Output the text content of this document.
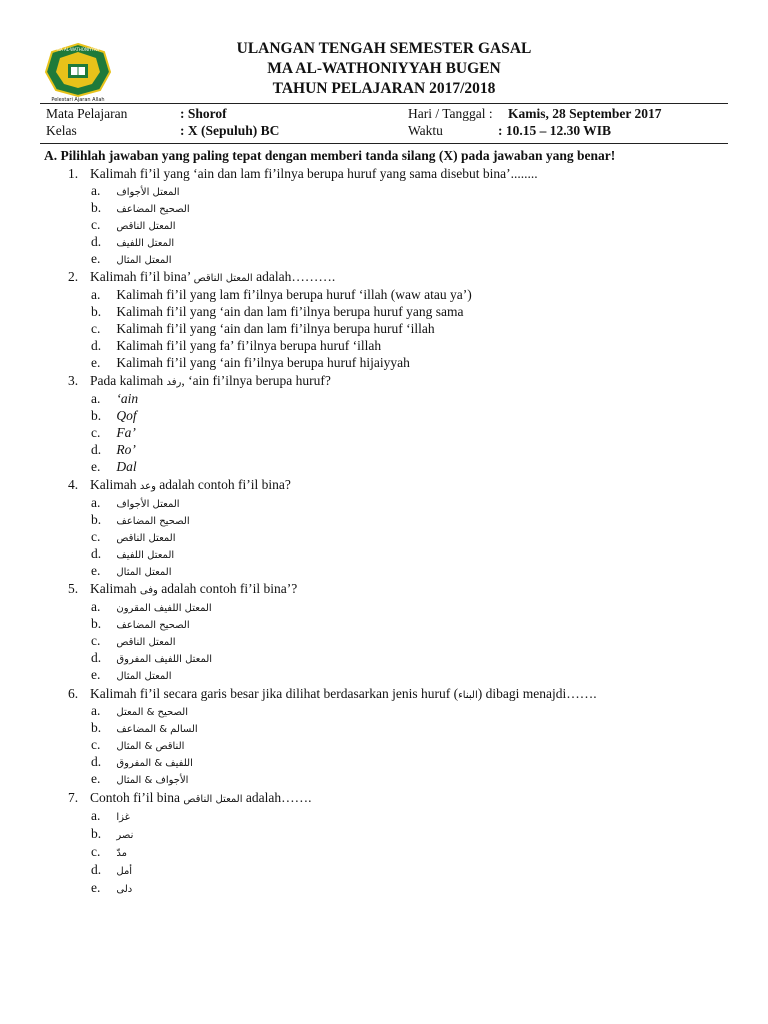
MA AL-WATHONIYYAH
Pelestari Ajaran Allah
ULANGAN TENGAH SEMESTER GASAL
MA AL-WATHONIYYAH BUGEN
TAHUN PELAJARAN 2017/2018
Mata Pelajaran	: Shorof	Hari / Tanggal : Kamis, 28 September 2017
Kelas	: X (Sepuluh) BC	Waktu	: 10.15 – 12.30 WIB
A. Pilihlah jawaban yang paling tepat dengan memberi tanda silang (X) pada jawaban yang benar!
1. Kalimah fi’il yang ‘ain dan lam fi’ilnya berupa huruf yang sama disebut bina’........
a. المعتل الأجواف
b. الصحيح المضاعف
c. المعتل الناقص
d. المعتل اللفيف
e. المعتل المثال
2. Kalimah fi’il bina’ المعتل الناقص adalah……….
a. Kalimah fi’il yang lam fi’ilnya berupa huruf ‘illah (waw atau ya’)
b. Kalimah fi’il yang ‘ain dan lam fi’ilnya berupa huruf yang sama
c. Kalimah fi’il yang ‘ain dan lam fi’ilnya berupa huruf ‘illah
d. Kalimah fi’il yang fa’ fi’ilnya berupa huruf ‘illah
e. Kalimah fi’il yang ‘ain fi’ilnya berupa huruf hijaiyyah
3. Pada kalimah رفد, ‘ain fi’ilnya berupa huruf?
a. ‘ain
b. Qof
c. Fa’
d. Ro’
e. Dal
4. Kalimah وعد adalah contoh fi’il bina?
a. المعتل الأجواف
b. الصحيح المضاعف
c. المعتل الناقص
d. المعتل اللفيف
e. المعتل المثال
5. Kalimah وفى adalah contoh fi’il bina’?
a. المعتل اللفيف المقرون
b. الصحيح المضاعف
c. المعتل الناقص
d. المعتل اللفيف المفروق
e. المعتل المثال
6. Kalimah fi’il secara garis besar jika dilihat berdasarkan jenis huruf (البناء) dibagi menajdi…….
a. الصحيح & المعتل
b. السالم & المضاعف
c. الناقص & المثال
d. اللفيف & المفروق
e. الأجواف & المثال
7. Contoh fi’il bina المعتل الناقص adalah…….
a. غزا
b. نصر
c. مدّ
d. أمل
e. دلى
